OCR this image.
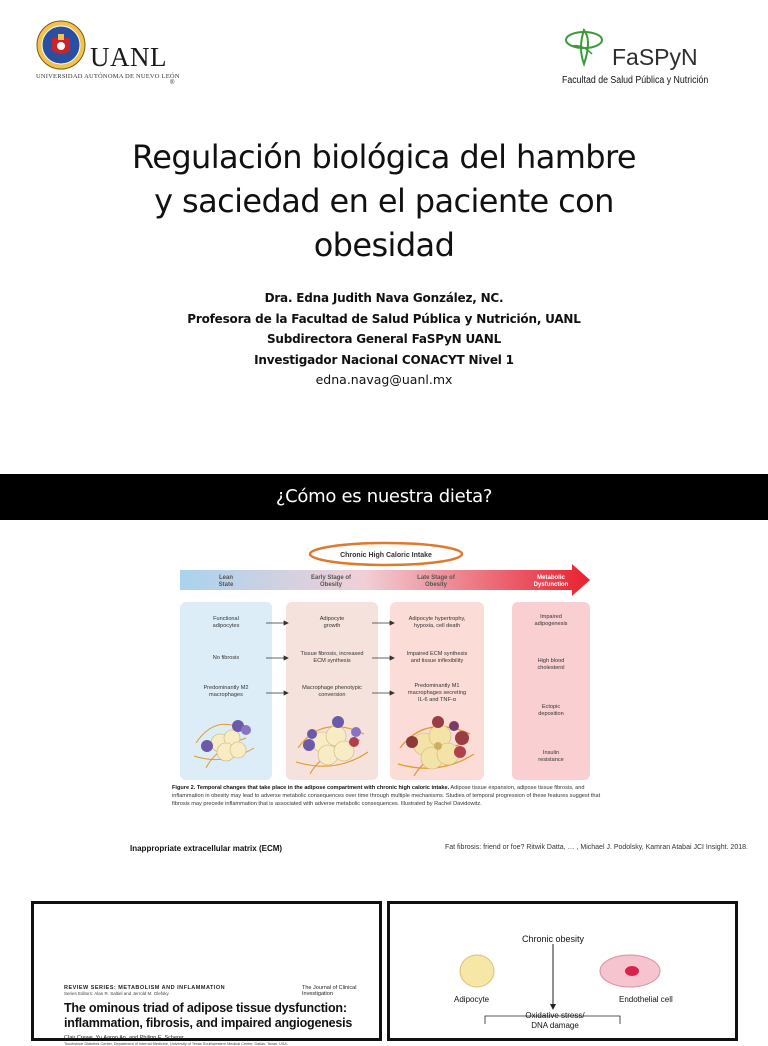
UANL
UNIVERSIDAD AUTÓNOMA DE NUEVO LEÓN
®
FaSPyN
Facultad de Salud Pública y Nutrición
Regulación biológica del hambre
y saciedad en el paciente con
obesidad
Dra. Edna Judith Nava González, NC.
Profesora de la Facultad de Salud Pública y Nutrición, UANL
Subdirectora General FaSPyN UANL
Investigador Nacional CONACYT Nivel 1
edna.navag@uanl.mx
¿Cómo es nuestra dieta?
Chronic High Caloric Intake
Lean
State
Early Stage of
Obesity
Late Stage of
Obesity
Metabolic
Dysfunction
Functional
adipocytes
No fibrosis
Predominantly M2
macrophages
Adipocyte
growth
Tissue fibrosis, increased
ECM synthesis
Macrophage phenotypic
conversion
Adipocyte hypertrophy,
hypoxia, cell death
Impaired ECM synthesis
and tissue inflexibility
Predominantly M1
macrophages secreting
IL-6 and TNF-α
Impaired
adipogenesis
High blood
cholesterol
Ectopic
deposition
Insulin
resistance
Figure 2. Temporal changes that take place in the adipose compartment with chronic high caloric intake. Adipose tissue expansion, adipose tissue fibrosis, and inflammation in obesity may lead to adverse metabolic consequences over time through multiple mechanisms. Studies of temporal progression of these features suggest that fibrosis may precede inflammation that is associated with adverse metabolic consequences. Illustrated by Rachel Davidowitz.
Inappropriate extracellular matrix (ECM)	Fat fibrosis: friend or foe? Ritwik Datta, … , Michael J. Podolsky, Kamran Atabai JCI Insight. 2018.
REVIEW SERIES: METABOLISM AND INFLAMMATION
Series Editors: Alan R. Saltiel and Jerrold M. Olefsky
The Journal of Clinical Investigation
The ominous triad of adipose tissue dysfunction:
inflammation, fibrosis, and impaired angiogenesis
Clair Crewe, Yu Aaron An, and Philipp E. Scherer
Touchstone Diabetes Center, Department of Internal Medicine, University of Texas Southwestern Medical Center, Dallas, Texas, USA.
Chronic obesity
Adipocyte	Endothelial cell
Oxidative stress/
DNA damage
